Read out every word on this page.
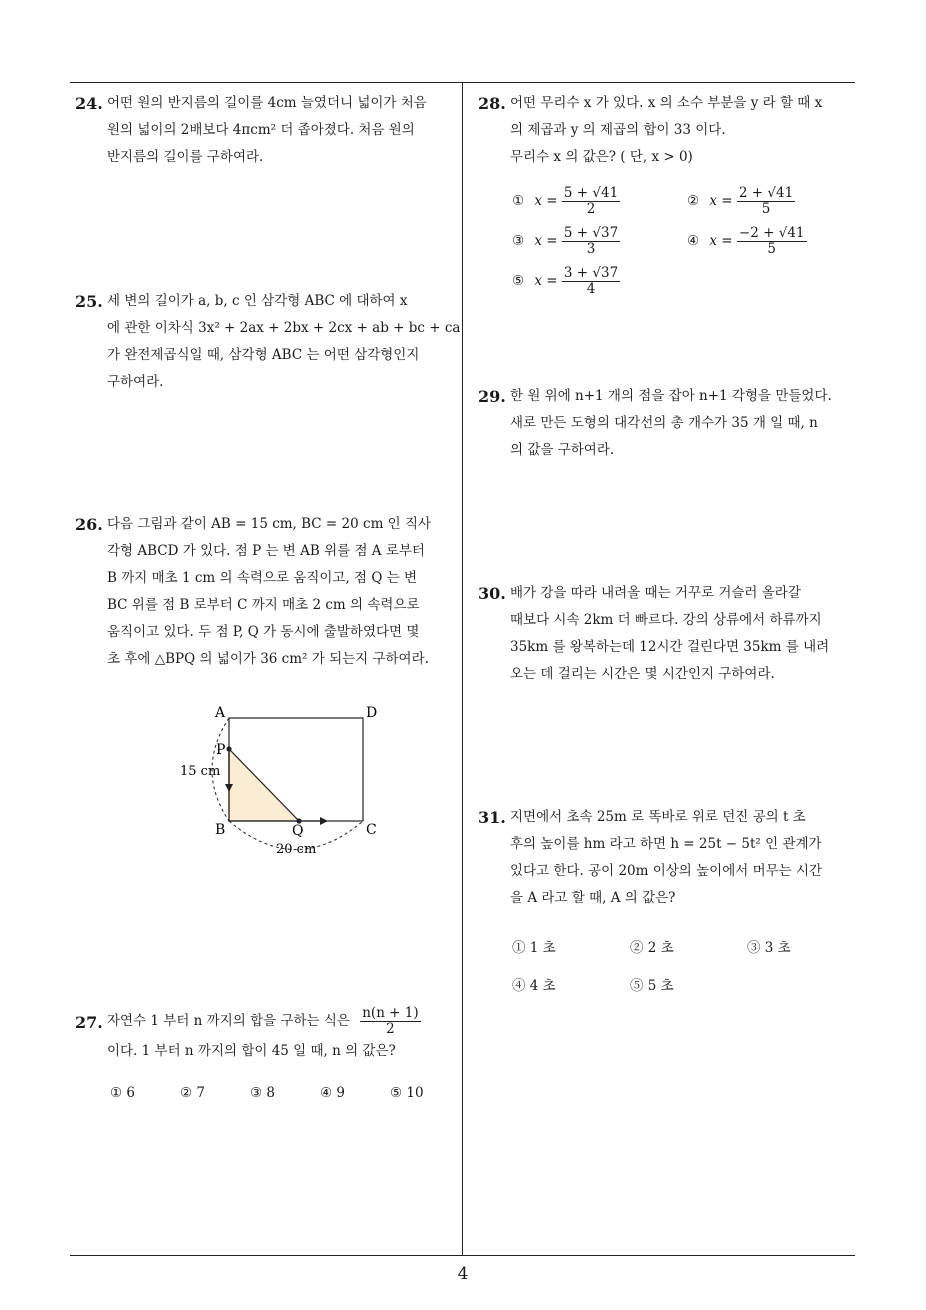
24. 어떤 원의 반지름의 길이를 4cm 늘였더니 넓이가 처음
원의 넓이의 2배보다 4πcm² 더 좁아졌다. 처음 원의
반지름의 길이를 구하여라.
25. 세 변의 길이가 a, b, c 인 삼각형 ABC 에 대하여 x
에 관한 이차식 3x² + 2ax + 2bx + 2cx + ab + bc + ca
가 완전제곱식일 때, 삼각형 ABC 는 어떤 삼각형인지
구하여라.
26. 다음 그림과 같이 AB = 15 cm, BC = 20 cm 인 직사
각형 ABCD 가 있다. 점 P 는 변 AB 위를 점 A 로부터
B 까지 매초 1 cm 의 속력으로 움직이고, 점 Q 는 변
BC 위를 점 B 로부터 C 까지 매초 2 cm 의 속력으로
움직이고 있다. 두 점 P, Q 가 동시에 출발하였다면 몇
초 후에 △BPQ 의 넓이가 36 cm² 가 되는지 구하여라.
A	D
P
B	Q	C
15 cm
20 cm
27. 자연수 1 부터 n 까지의 합을 구하는 식은 $\frac{n(n + 1)}{2}$
이다. 1 부터 n 까지의 합이 45 일 때, n 의 값은?
① 6	② 7	③ 8	④ 9	⑤ 10
28. 어떤 무리수 x 가 있다. x 의 소수 부분을 y 라 할 때 x
의 제곱과 y 의 제곱의 합이 33 이다.
무리수 x 의 값은? ( 단, x > 0)
① $x = \frac{5 + √41}{2}$	② $x = \frac{2 + √41}{5}$
③ $x = \frac{5 + √37}{3}$	④ $x = \frac{-2 + √41}{5}$
⑤ $x = \frac{3 + √37}{4}$
29. 한 원 위에 n+1 개의 점을 잡아 n+1 각형을 만들었다.
새로 만든 도형의 대각선의 총 개수가 35 개 일 때, n
의 값을 구하여라.
30. 배가 강을 따라 내려올 때는 거꾸로 거슬러 올라갈
때보다 시속 2km 더 빠르다. 강의 상류에서 하류까지
35km 를 왕복하는데 12시간 걸린다면 35km 를 내려
오는 데 걸리는 시간은 몇 시간인지 구하여라.
31. 지면에서 초속 25m 로 똑바로 위로 던진 공의 t 초
후의 높이를 hm 라고 하면 h = 25t − 5t² 인 관계가
있다고 한다. 공이 20m 이상의 높이에서 머무는 시간
을 A 라고 할 때, A 의 값은?
① 1 초	② 2 초	③ 3 초
④ 4 초	⑤ 5 초
4
